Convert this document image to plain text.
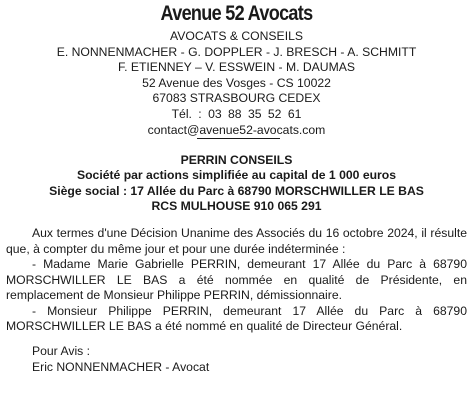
Avenue 52 Avocats
AVOCATS & CONSEILS
E. NONNENMACHER - G. DOPPLER - J. BRESCH - A. SCHMITT
F. ETIENNEY – V. ESSWEIN - M. DAUMAS
52 Avenue des Vosges - CS 10022
67083 STRASBOURG CEDEX
Tél. : 03 88 35 52 61
contact@avenue52-avocats.com
PERRIN CONSEILS
Société par actions simplifiée au capital de 1 000 euros
Siège social : 17 Allée du Parc à 68790 MORSCHWILLER LE BAS
RCS MULHOUSE 910 065 291

Aux termes d'une Décision Unanime des Associés du 16 octobre 2024, il résulte que, à compter du même jour et pour une durée indéterminée :

- Madame Marie Gabrielle PERRIN, demeurant 17 Allée du Parc à 68790 MORSCHWILLER LE BAS a été nommée en qualité de Présidente, en remplacement de Monsieur Philippe PERRIN, démissionnaire.

- Monsieur Philippe PERRIN, demeurant 17 Allée du Parc à 68790 MORSCHWILLER LE BAS a été nommé en qualité de Directeur Général.

Pour Avis :
Eric NONNENMACHER - Avocat
